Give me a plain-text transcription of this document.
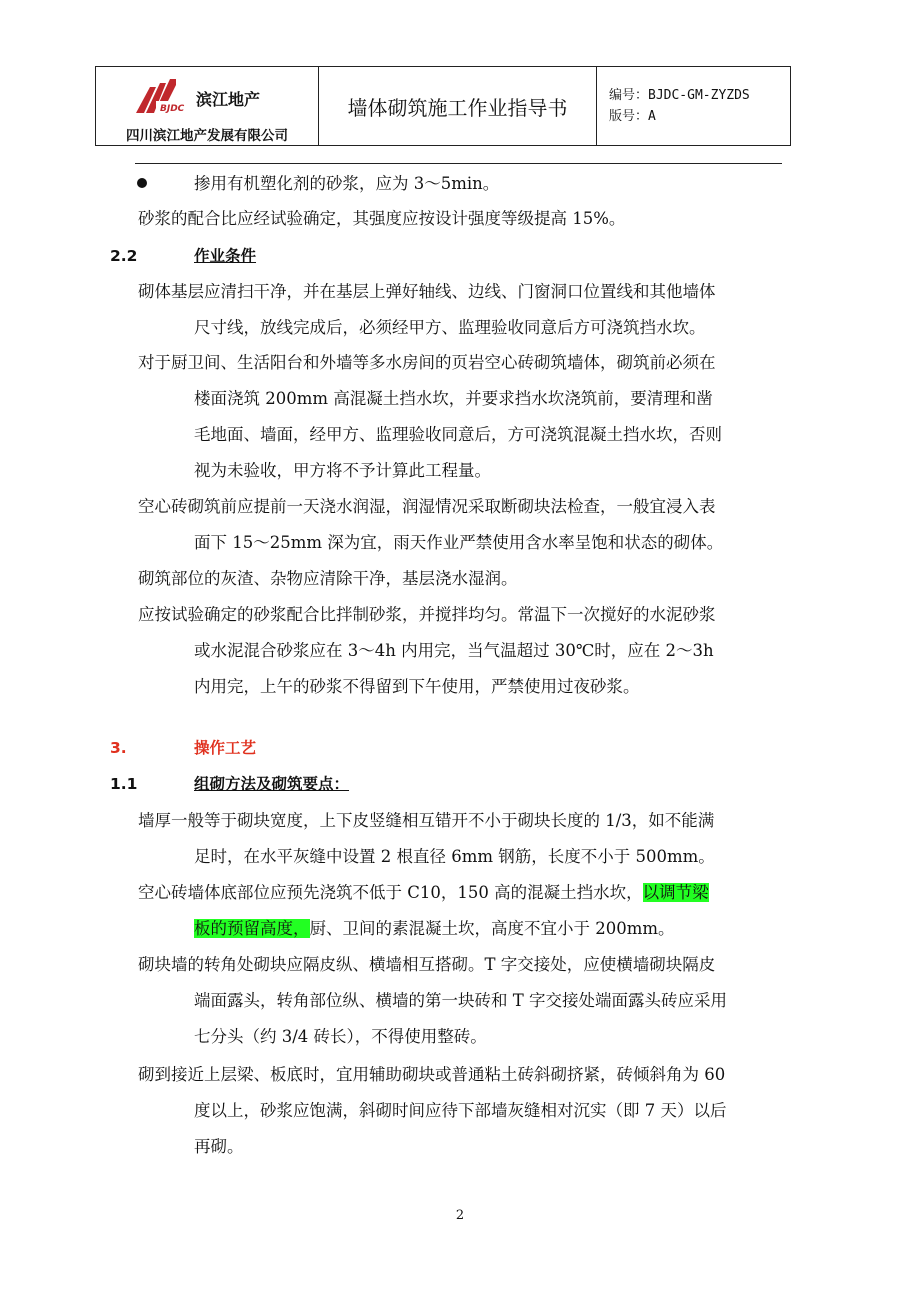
BJDC 滨江地产
四川滨江地产发展有限公司
墙体砌筑施工作业指导书	编号：BJDC-GM-ZYZDS
版号：A
掺用有机塑化剂的砂浆，应为 3～5min。
砂浆的配合比应经试验确定，其强度应按设计强度等级提高 15%。
2.2	作业条件
砌体基层应清扫干净，并在基层上弹好轴线、边线、门窗洞口位置线和其他墙体
尺寸线，放线完成后，必须经甲方、监理验收同意后方可浇筑挡水坎。
对于厨卫间、生活阳台和外墙等多水房间的页岩空心砖砌筑墙体，砌筑前必须在
楼面浇筑 200mm 高混凝土挡水坎，并要求挡水坎浇筑前，要清理和凿
毛地面、墙面，经甲方、监理验收同意后，方可浇筑混凝土挡水坎，否则
视为未验收，甲方将不予计算此工程量。
空心砖砌筑前应提前一天浇水润湿，润湿情况采取断砌块法检查，一般宜浸入表
面下 15～25mm 深为宜，雨天作业严禁使用含水率呈饱和状态的砌体。
砌筑部位的灰渣、杂物应清除干净，基层浇水湿润。
应按试验确定的砂浆配合比拌制砂浆，并搅拌均匀。常温下一次搅好的水泥砂浆
或水泥混合砂浆应在 3～4h 内用完，当气温超过 30℃时，应在 2～3h
内用完，上午的砂浆不得留到下午使用，严禁使用过夜砂浆。
3.	操作工艺
1.1	组砌方法及砌筑要点：
墙厚一般等于砌块宽度，上下皮竖缝相互错开不小于砌块长度的 1/3，如不能满
足时，在水平灰缝中设置 2 根直径 6mm 钢筋，长度不小于 500mm。
空心砖墙体底部位应预先浇筑不低于 C10，150 高的混凝土挡水坎，以调节梁
板的预留高度，厨、卫间的素混凝土坎，高度不宜小于 200mm。
砌块墙的转角处砌块应隔皮纵、横墙相互搭砌。T 字交接处，应使横墙砌块隔皮
端面露头，转角部位纵、横墙的第一块砖和 T 字交接处端面露头砖应采用
七分头（约 3/4 砖长），不得使用整砖。
砌到接近上层梁、板底时，宜用辅助砌块或普通粘土砖斜砌挤紧，砖倾斜角为 60
度以上，砂浆应饱满，斜砌时间应待下部墙灰缝相对沉实（即 7 天）以后
再砌。
2
